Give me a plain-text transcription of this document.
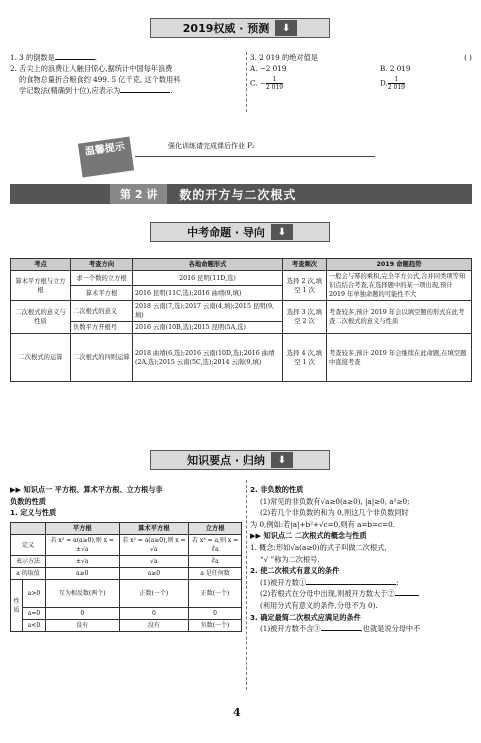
2019权威 · 预测	⬇
1. 3 的倒数是	.
2. 舌尖上的浪费让人触目惊心,据统计中国每年浪费
的食物总量折合粮食约 499. 5 亿千克, 这个数用科
学记数法(精确到十位),应表示为	.
3. 2 019 的绝对值是	( )
A. −2 019	B. 2 019
C. − $\frac{1}{2 019}$	D. $\frac{1}{2 019}$
温馨提示	强化训练请完成课后作业 P₂
第 2 讲	数的开方与二次根式
中考命题 · 导向	⬇
考点	考查方向	各地命题形式	考查频次	2019 命题趋势
算术平方根与立方根	求一个数的立方根	2016 昆明(11D,选)	选择 2 次,填空 1 次	一般会与幂的乘积,完全平方公式,合并同类项等知识点结合考查,在选择题中的某一项出现,预计 2019 年单独命题的可能性不大
	算术平方根	2016 昆明(11C,选);2016 曲靖(9,填)		
二次根式的意义与性质	二次根式的意义	2018 云南(7,选);2017 云南(4,填);2015 昆明(9,填)	选择 3 次,填空 2 次	考查较多,预计 2019 年会以填空题的形式在此考查二次根式的意义与性质
	负数平方开根号	2016 云南(10B,选);2015 昆明(5A,选)		
二次根式的运算	二次根式的四则运算	2018 曲靖(6,选);2016 云南(10D,选);2016 曲靖(2A,选);2015 云南(5C,选);2014 云南(9,填)	选择 4 次,填空 1 次	考查较多,预计 2019 年会继续在此命题,在填空题中直接考查
知识要点 · 归纳	⬇
▶▶ 知识点一 平方根、算术平方根、立方根与非
负数的性质
1. 定义与性质
		平方根	算术平方根	立方根
定义		若 x² = a(a≥0),则 x = ±√a	若 x² = a(a≥0),则 x = √a	若 x³ = a,则 x = ∛a
表示方法		±√a	√a	∛a
a 的取值		a≥0	a≥0	a 是任何数
性质	a>0	互为相反数(两个)	正数(一个)	正数(一个)
	a=0	0	0	0
	a<0	没有	没有	负数(一个)
2. 非负数的性质
(1)常见的非负数有√a≥0(a≥0), |a|≥0, a²≥0;
(2)若几个非负数的和为 0,则这几个非负数同时
为 0,例如:若|a|+b²+√c=0,则有 a=b=c=0.
▶▶ 知识点二 二次根式的概念与性质
1. 概念:形如√a(a≥0)的式子叫做二次根式,
“√ ”称为二次根号.
2. 使二次根式有意义的条件
(1)被开方数①	;
(2)若根式在分母中出现,则被开方数大于②
(利用分式有意义的条件,分母不为 0).
3. 确定最简二次根式应满足的条件
(1)被开方数不含③	,也就是说分母中不
4
